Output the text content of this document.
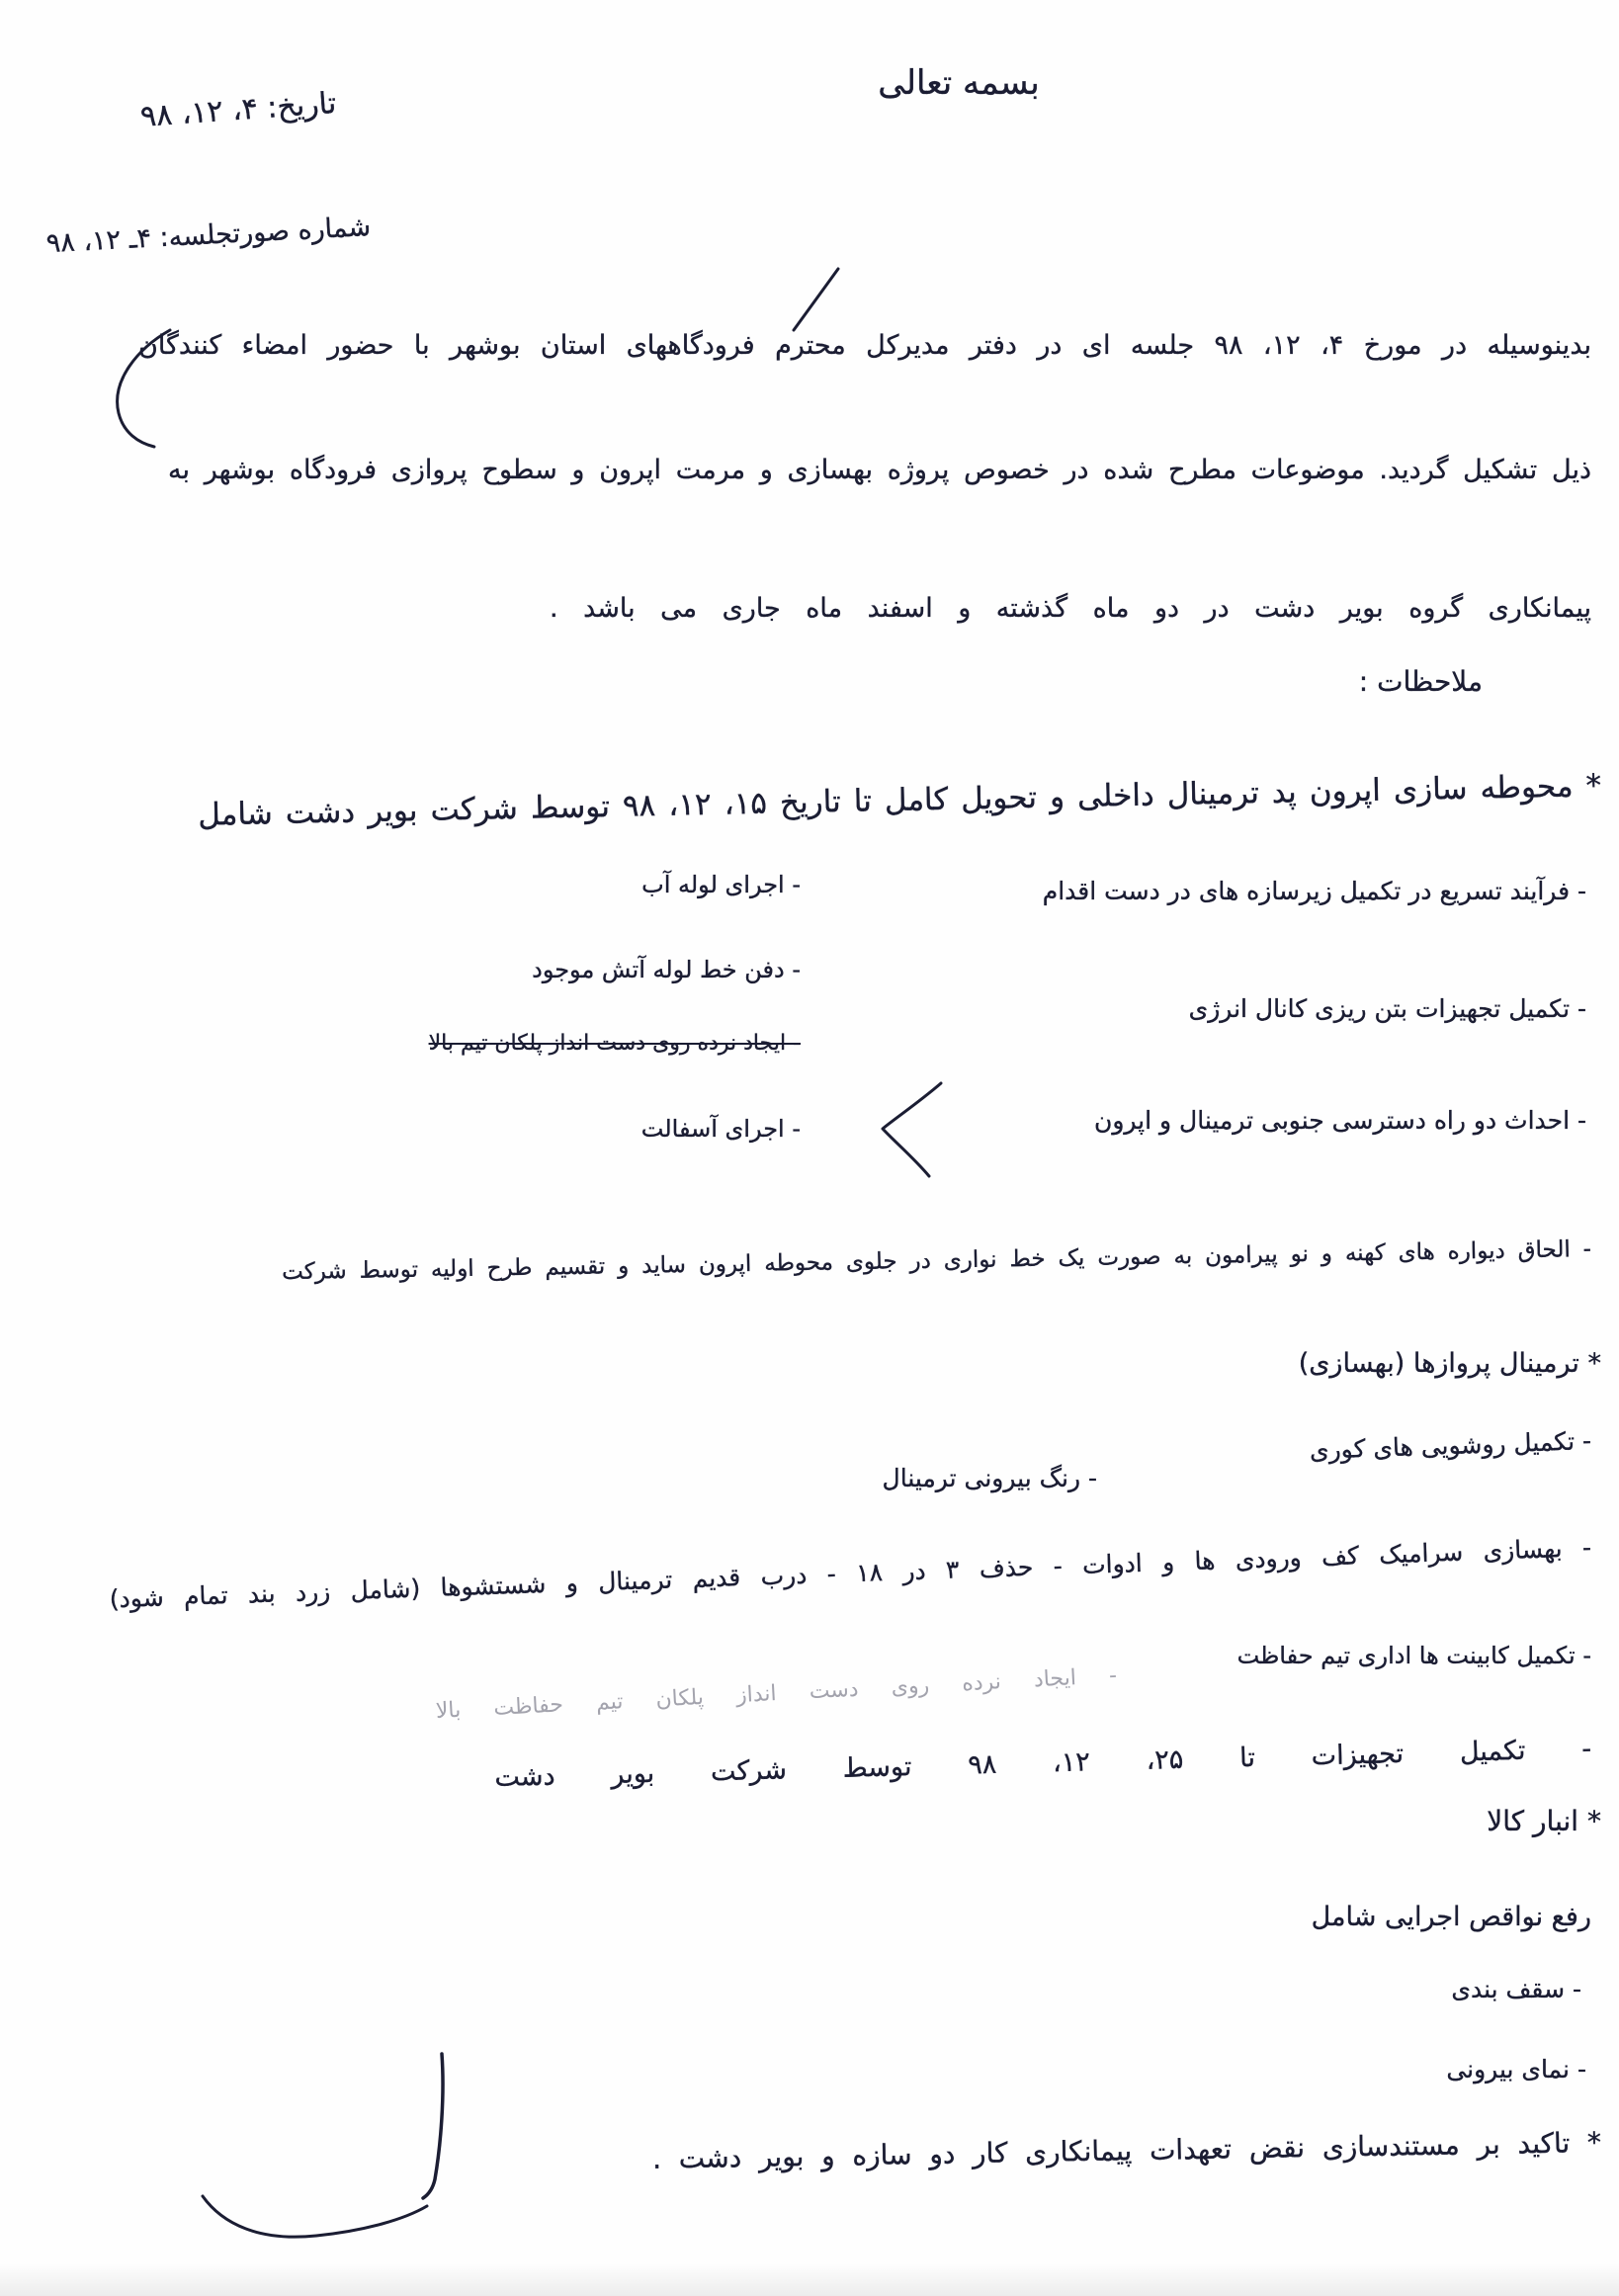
بسمه تعالی
تاریخ: ۴، ۱۲، ۹۸
شماره صورتجلسه: ۴ـ ۱۲، ۹۸
بدینوسیله در مورخ ۴، ۱۲، ۹۸ جلسه ای در دفتر مدیرکل محترم فرودگاههای استان بوشهر با حضور امضاء کنندگان
ذیل تشکیل گردید. موضوعات مطرح شده در خصوص پروژه بهسازی و مرمت اپرون و سطوح پروازی فرودگاه بوشهر به
پیمانکاری گروه بویر دشت در دو ماه گذشته و اسفند ماه جاری می باشد .
ملاحظات :
* محوطه سازی اپرون پد ترمینال داخلی و تحویل کامل تا تاریخ ۱۵، ۱۲، ۹۸ توسط شرکت بویر دشت شامل
- فرآیند تسریع در تکمیل زیرسازه های در دست اقدام
- تکمیل تجهیزات بتن ریزی کانال انرژی
- احداث دو راه دسترسی جنوبی ترمینال و اپرون
- اجرای لوله آب
- دفن خط لوله آتش موجود
- ایجاد نرده روی دست انداز پلکان تیم بالا
- اجرای آسفالت
- الحاق دیواره های کهنه و نو پیرامون به صورت یک خط نواری در جلوی محوطه اپرون ساید و تقسیم طرح اولیه توسط شرکت
* ترمینال پروازها (بهسازی)
- تکمیل روشویی های کوری
- رنگ بیرونی ترمینال
- بهسازی سرامیک کف ورودی ها و ادوات - حذف ۳ در ۱۸ - درب قدیم ترمینال و شستشوها (شامل زرد بند تمام شود)
- تکمیل کابینت ها اداری تیم حفاظت
- ایجاد نرده روی دست انداز پلکان تیم حفاظت بالا
- تکمیل تجهیزات تا ۲۵، ۱۲، ۹۸ توسط شرکت بویر دشت
* انبار کالا
رفع نواقص اجرایی شامل
- سقف بندی
- نمای بیرونی
* تاکید بر مستندسازی نقض تعهدات پیمانکاری کار دو سازه و بویر دشت .
